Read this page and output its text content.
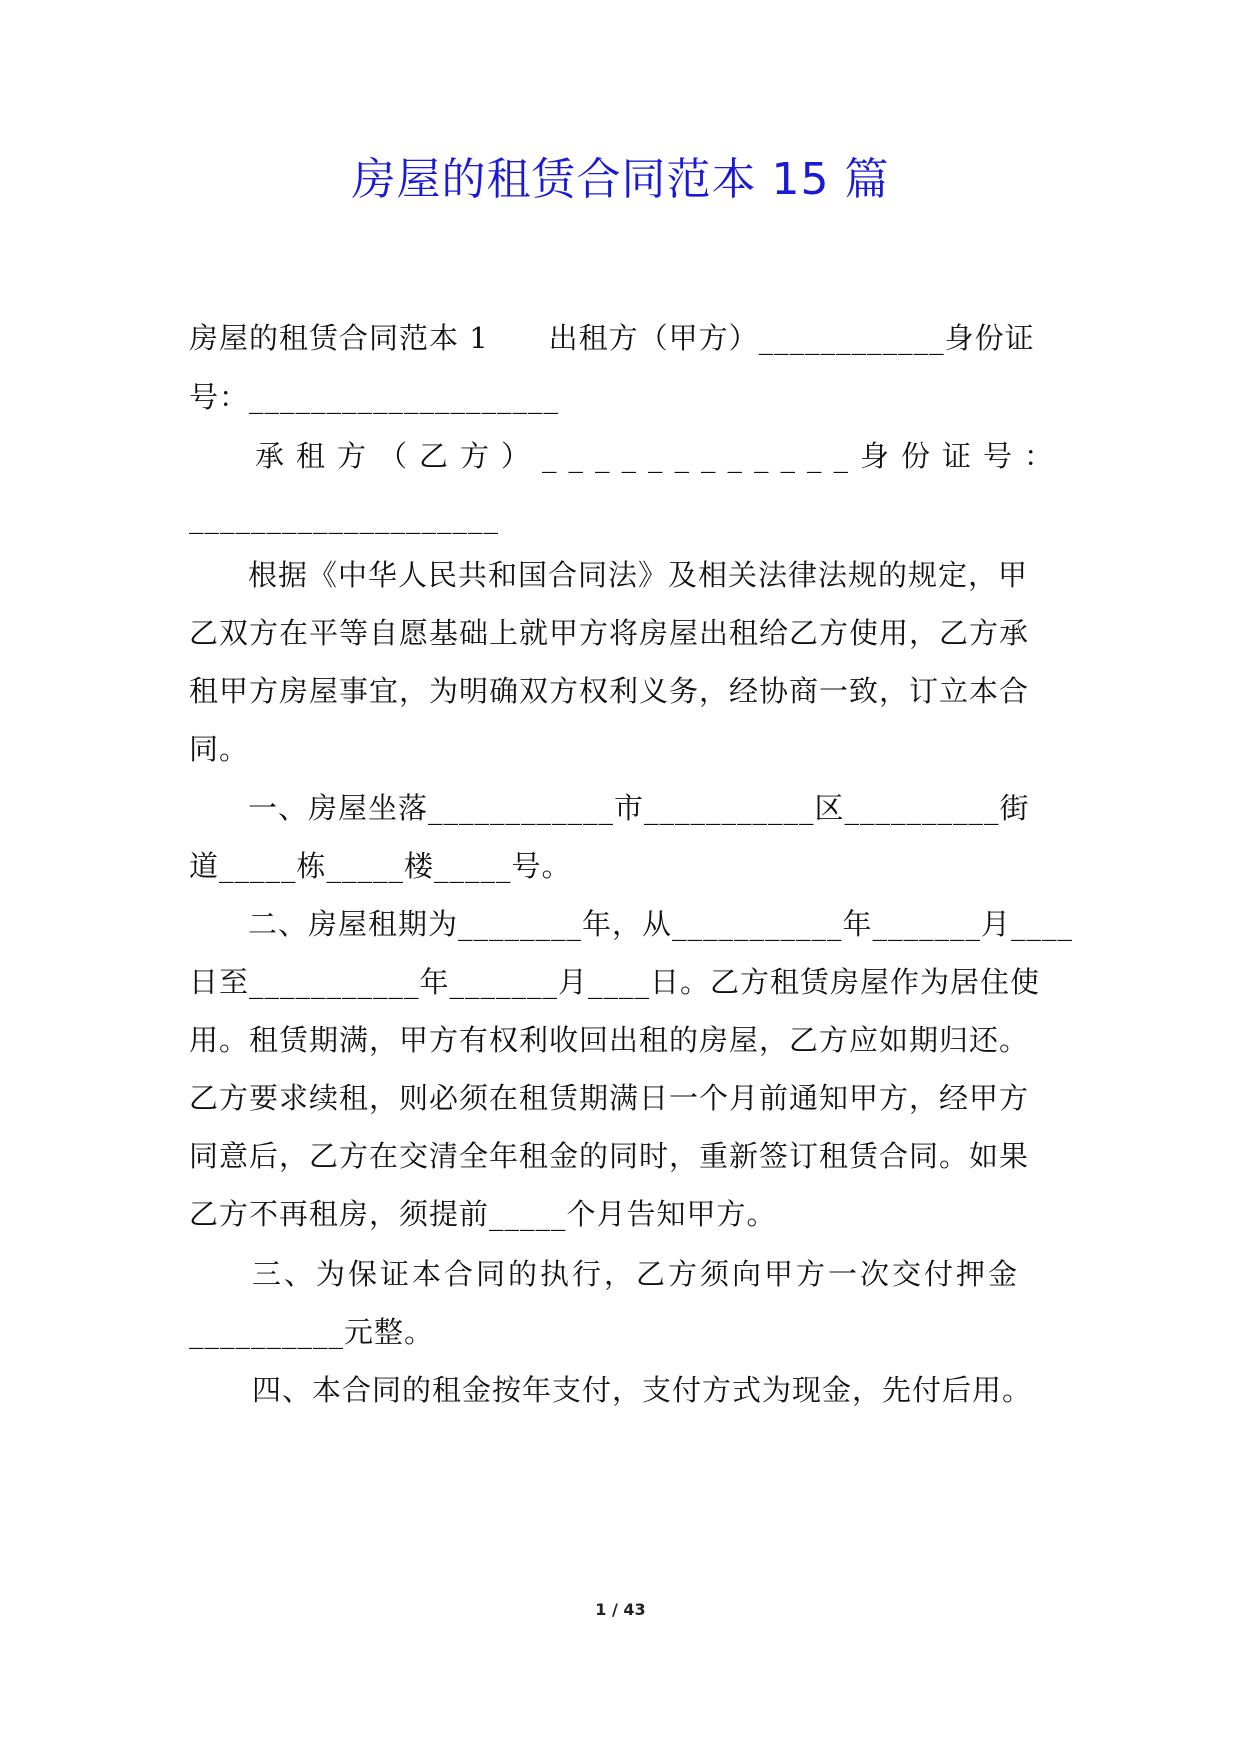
房屋的租赁合同范本 15 篇
房屋的租赁合同范本 1　　出租方（甲方）____________身份证
号：____________________
承租方（乙方）____________身份证号：
____________________
根据《中华人民共和国合同法》及相关法律法规的规定，甲
乙双方在平等自愿基础上就甲方将房屋出租给乙方使用，乙方承
租甲方房屋事宜，为明确双方权利义务，经协商一致，订立本合
同。
一、房屋坐落____________市___________区__________街
道_____栋_____楼_____号。
二、房屋租期为________年，从___________年_______月____
日至___________年_______月____日。乙方租赁房屋作为居住使
用。租赁期满，甲方有权利收回出租的房屋，乙方应如期归还。
乙方要求续租，则必须在租赁期满日一个月前通知甲方，经甲方
同意后，乙方在交清全年租金的同时，重新签订租赁合同。如果
乙方不再租房，须提前_____个月告知甲方。
三、为保证本合同的执行，乙方须向甲方一次交付押金
__________元整。
四、本合同的租金按年支付，支付方式为现金，先付后用。
1 / 43
